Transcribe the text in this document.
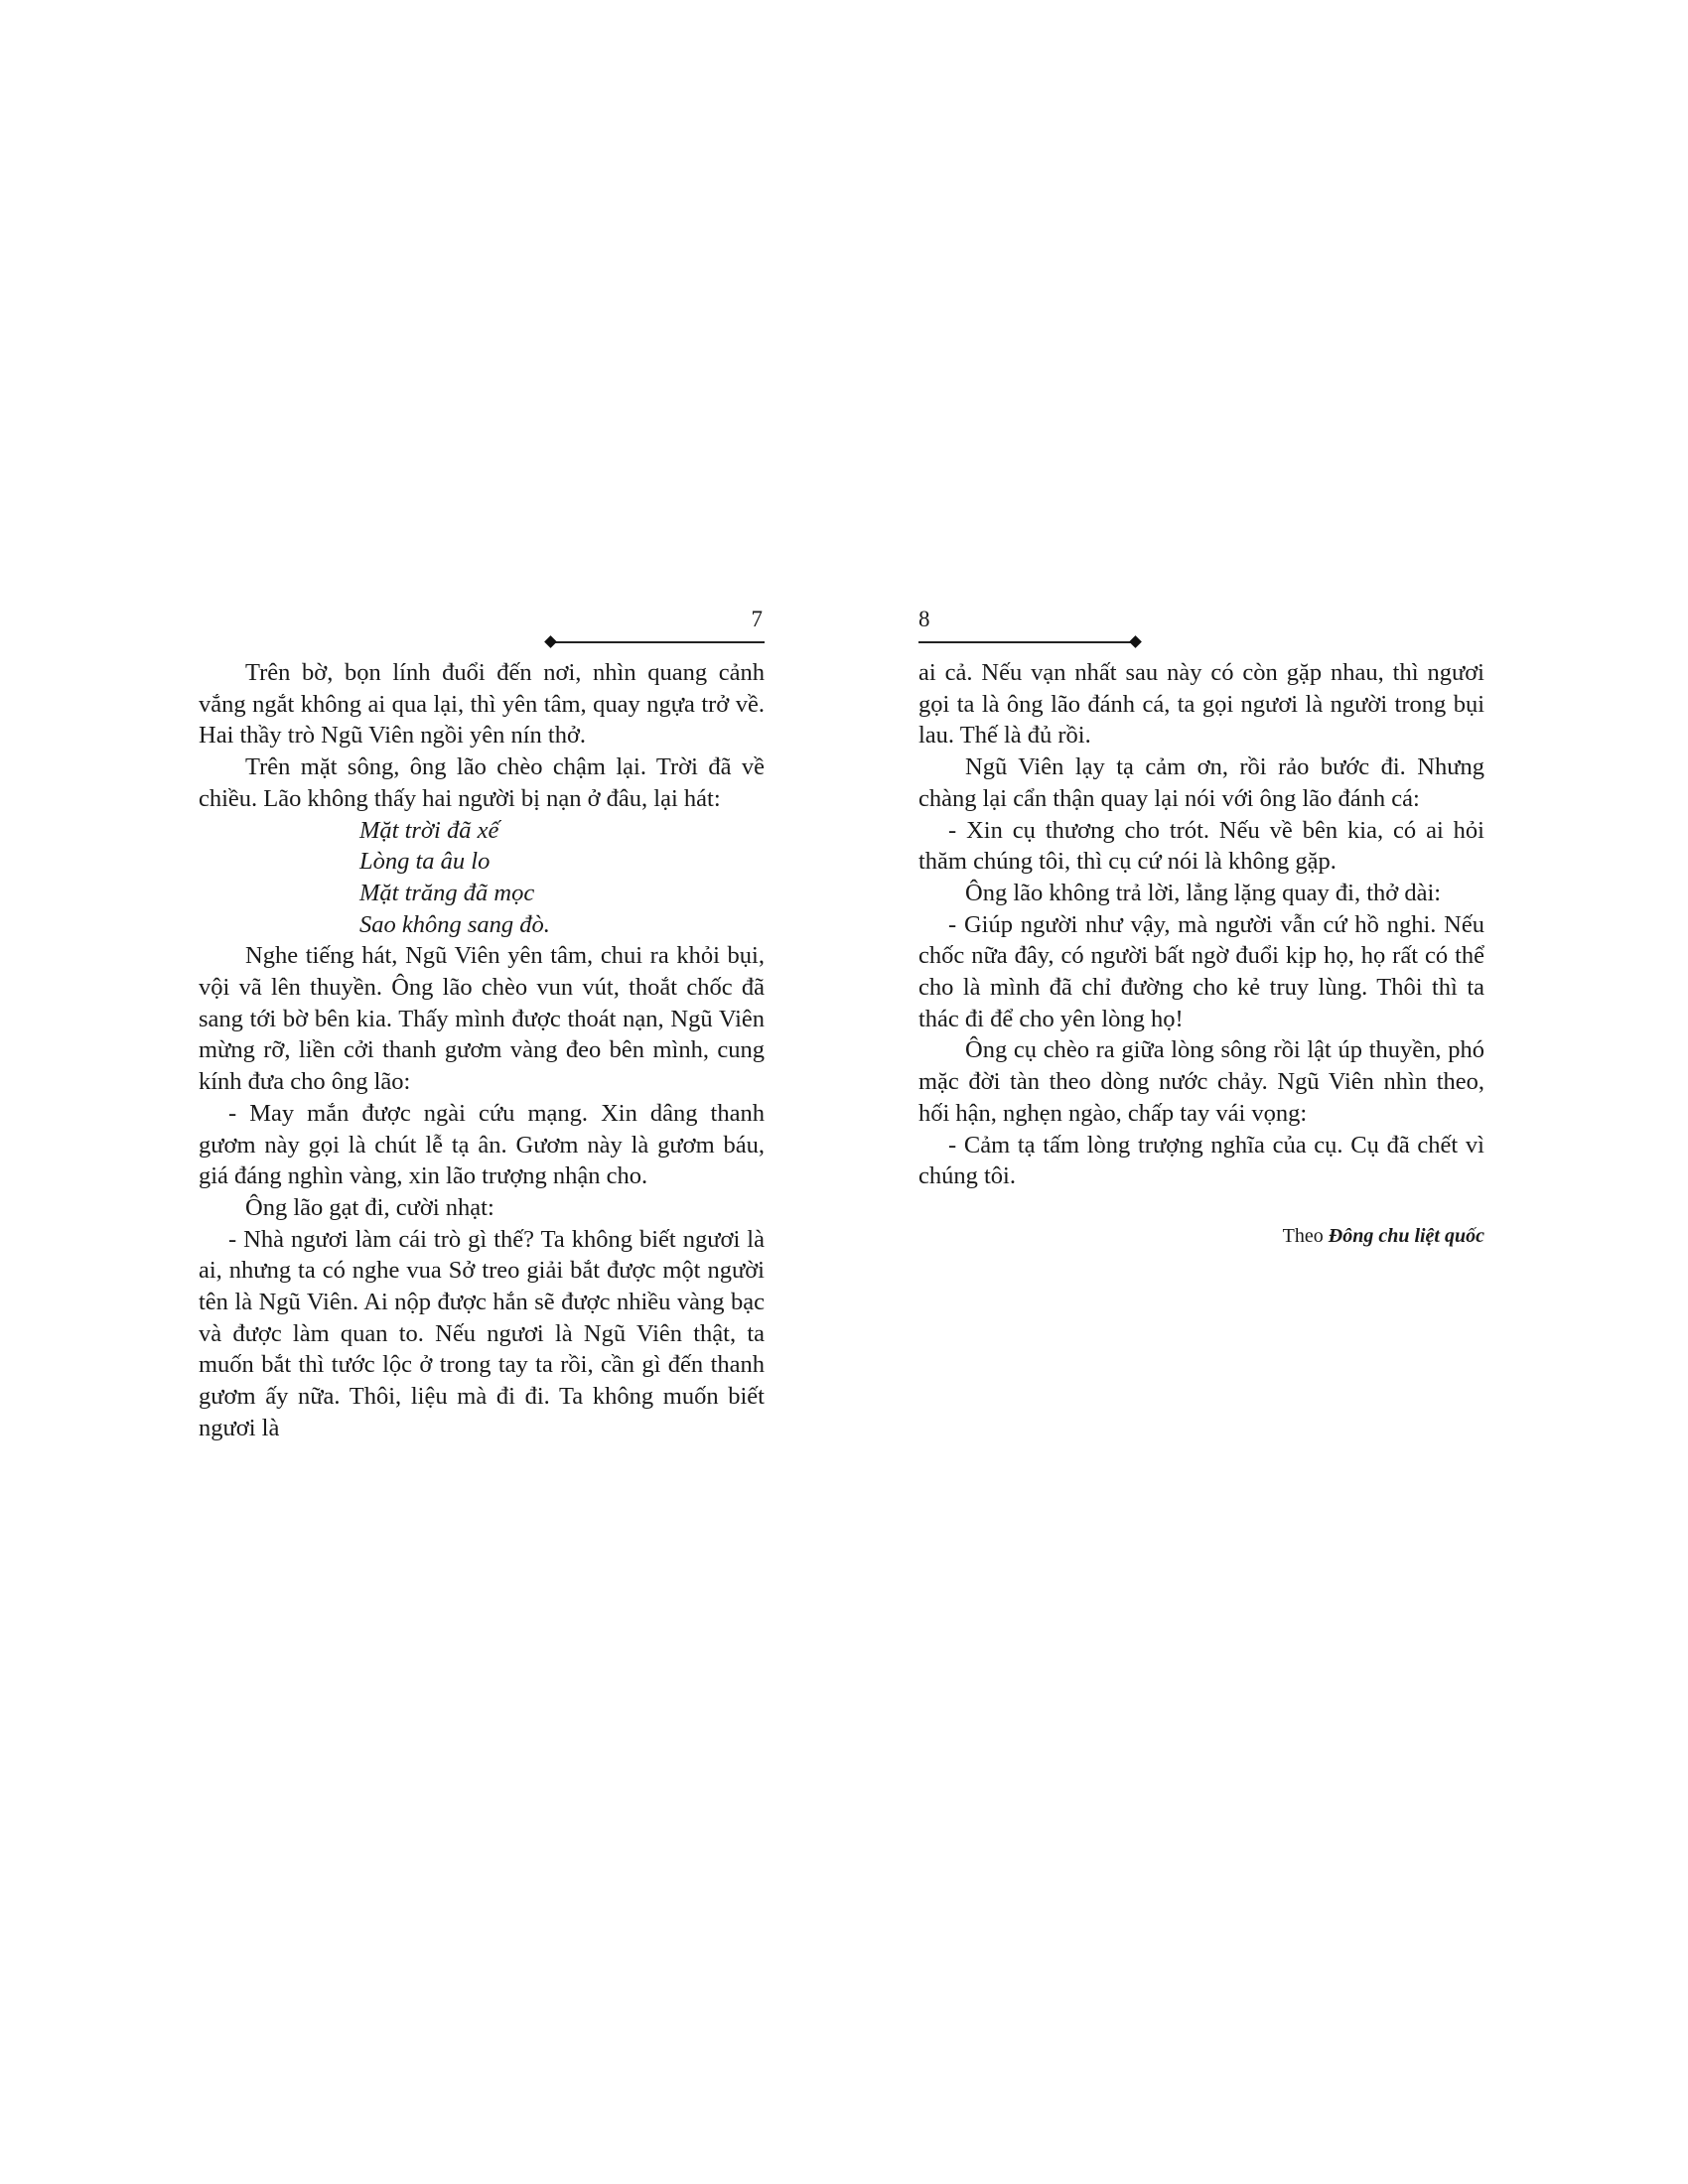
7

Trên bờ, bọn lính đuổi đến nơi, nhìn quang cảnh vắng ngắt không ai qua lại, thì yên tâm, quay ngựa trở về. Hai thầy trò Ngũ Viên ngồi yên nín thở.

Trên mặt sông, ông lão chèo chậm lại. Trời đã về chiều. Lão không thấy hai người bị nạn ở đâu, lại hát:

Mặt trời đã xế
Lòng ta âu lo
Mặt trăng đã mọc
Sao không sang đò.

Nghe tiếng hát, Ngũ Viên yên tâm, chui ra khỏi bụi, vội vã lên thuyền. Ông lão chèo vun vút, thoắt chốc đã sang tới bờ bên kia. Thấy mình được thoát nạn, Ngũ Viên mừng rỡ, liền cởi thanh gươm vàng đeo bên mình, cung kính đưa cho ông lão:

- May mắn được ngài cứu mạng. Xin dâng thanh gươm này gọi là chút lễ tạ ân. Gươm này là gươm báu, giá đáng nghìn vàng, xin lão trượng nhận cho.

Ông lão gạt đi, cười nhạt:

- Nhà ngươi làm cái trò gì thế? Ta không biết ngươi là ai, nhưng ta có nghe vua Sở treo giải bắt được một người tên là Ngũ Viên. Ai nộp được hắn sẽ được nhiều vàng bạc và được làm quan to. Nếu ngươi là Ngũ Viên thật, ta muốn bắt thì tước lộc ở trong tay ta rồi, cần gì đến thanh gươm ấy nữa. Thôi, liệu mà đi đi. Ta không muốn biết ngươi là

8

ai cả. Nếu vạn nhất sau này có còn gặp nhau, thì ngươi gọi ta là ông lão đánh cá, ta gọi ngươi là người trong bụi lau. Thế là đủ rồi.

Ngũ Viên lạy tạ cảm ơn, rồi rảo bước đi. Nhưng chàng lại cẩn thận quay lại nói với ông lão đánh cá:

- Xin cụ thương cho trót. Nếu về bên kia, có ai hỏi thăm chúng tôi, thì cụ cứ nói là không gặp.

Ông lão không trả lời, lẳng lặng quay đi, thở dài:

- Giúp người như vậy, mà người vẫn cứ hồ nghi. Nếu chốc nữa đây, có người bất ngờ đuổi kịp họ, họ rất có thể cho là mình đã chỉ đường cho kẻ truy lùng. Thôi thì ta thác đi để cho yên lòng họ!

Ông cụ chèo ra giữa lòng sông rồi lật úp thuyền, phó mặc đời tàn theo dòng nước chảy. Ngũ Viên nhìn theo, hối hận, nghẹn ngào, chấp tay vái vọng:

- Cảm tạ tấm lòng trượng nghĩa của cụ. Cụ đã chết vì chúng tôi.

Theo Đông chu liệt quốc
